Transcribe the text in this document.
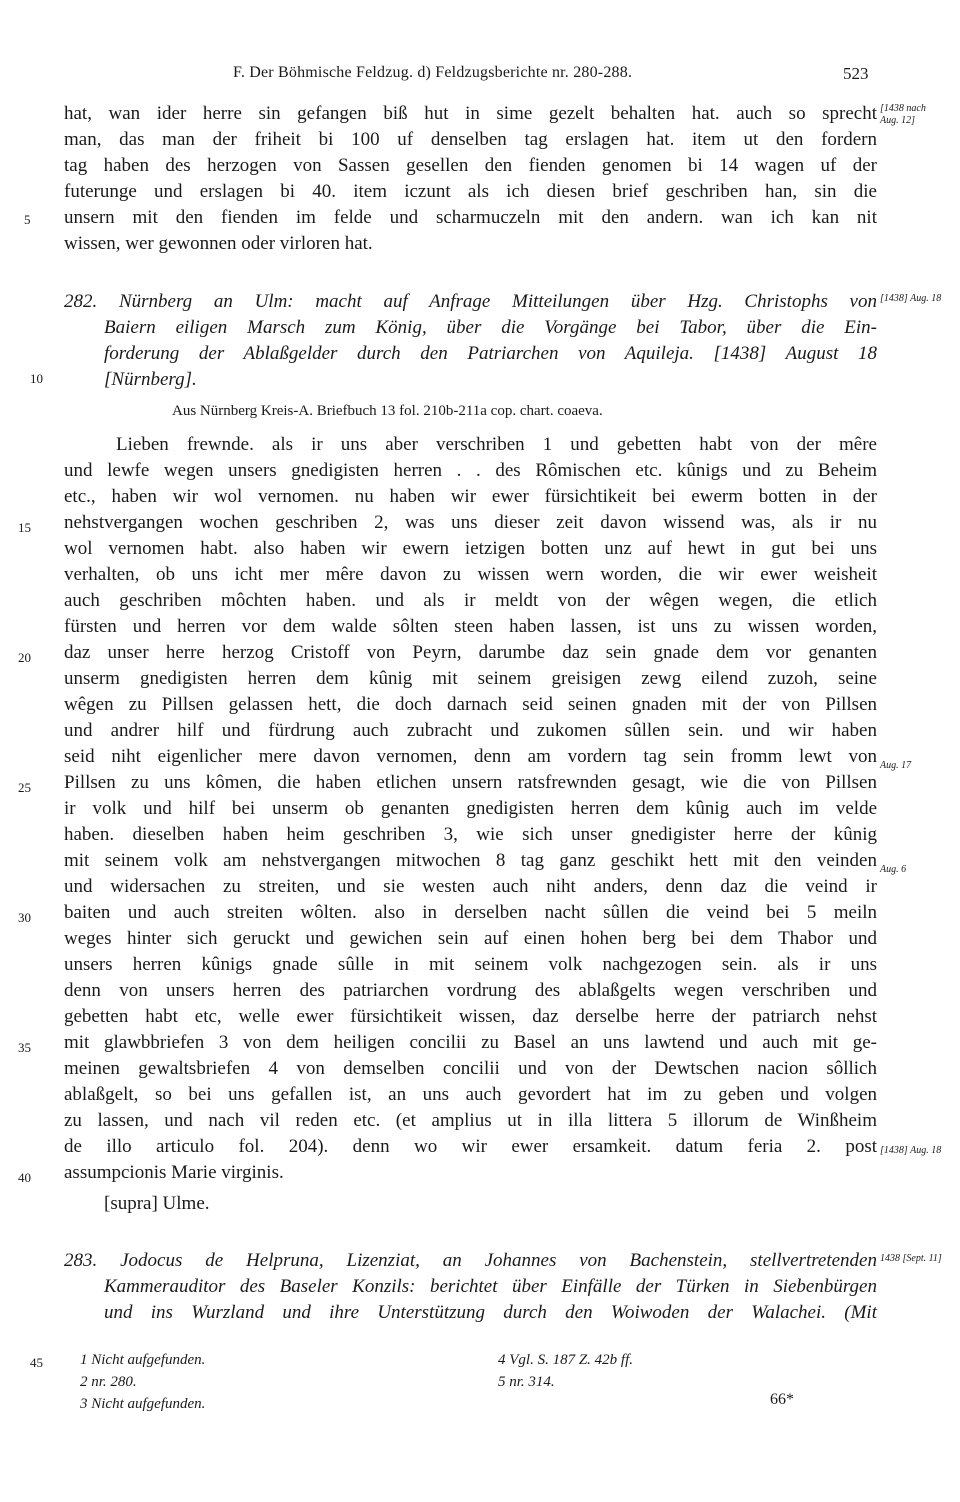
F. Der Böhmische Feldzug. d) Feldzugsberichte nr. 280-288.	523
hat, wan ider herre sin gefangen biß hut in sime gezelt behalten hat. auch so sprecht
man, das man der friheit bi 100 uf denselben tag erslagen hat. item ut den fordern
tag haben des herzogen von Sassen gesellen den fienden genomen bi 14 wagen uf der
futerunge und erslagen bi 40. item iczunt als ich diesen brief geschriben han, sin die
unsern mit den fienden im felde und scharmuczeln mit den andern. wan ich kan nit
wissen, wer gewonnen oder virloren hat.
282. Nürnberg an Ulm: macht auf Anfrage Mitteilungen über Hzg. Christophs von
Baiern eiligen Marsch zum König, über die Vorgänge bei Tabor, über die Ein-
forderung der Ablaßgelder durch den Patriarchen von Aquileja. [1438] August 18
[Nürnberg].
Aus Nürnberg Kreis-A. Briefbuch 13 fol. 210b-211a cop. chart. coaeva.
Lieben frewnde. als ir uns aber verschriben 1 und gebetten habt von der mêre
und lewfe wegen unsers gnedigisten herren . . des Rômischen etc. kûnigs und zu Beheim
etc., haben wir wol vernomen. nu haben wir ewer fürsichtikeit bei ewerm botten in der
nehstvergangen wochen geschriben 2, was uns dieser zeit davon wissend was, als ir nu
wol vernomen habt. also haben wir ewern ietzigen botten unz auf hewt in gut bei uns
verhalten, ob uns icht mer mêre davon zu wissen wern worden, die wir ewer weisheit
auch geschriben môchten haben. und als ir meldt von der wêgen wegen, die etlich
fürsten und herren vor dem walde sôlten steen haben lassen, ist uns zu wissen worden,
daz unser herre herzog Cristoff von Peyrn, darumbe daz sein gnade dem vor genanten
unserm gnedigisten herren dem kûnig mit seinem greisigen zewg eilend zuzoh, seine
wêgen zu Pillsen gelassen hett, die doch darnach seid seinen gnaden mit der von Pillsen
und andrer hilf und fürdrung auch zubracht und zukomen sûllen sein. und wir haben
seid niht eigenlicher mere davon vernomen, denn am vordern tag sein fromm lewt von
Pillsen zu uns kômen, die haben etlichen unsern ratsfrewnden gesagt, wie die von Pillsen
ir volk und hilf bei unserm ob genanten gnedigisten herren dem kûnig auch im velde
haben. dieselben haben heim geschriben 3, wie sich unser gnedigister herre der kûnig
mit seinem volk am nehstvergangen mitwochen 8 tag ganz geschikt hett mit den veinden
und widersachen zu streiten, und sie westen auch niht anders, denn daz die veind ir
baiten und auch streiten wôlten. also in derselben nacht sûllen die veind bei 5 meiln
weges hinter sich geruckt und gewichen sein auf einen hohen berg bei dem Thabor und
unsers herren kûnigs gnade sûlle in mit seinem volk nachgezogen sein. als ir uns
denn von unsers herren des patriarchen vordrung des ablaßgelts wegen verschriben und
gebetten habt etc, welle ewer fürsichtikeit wissen, daz derselbe herre der patriarch nehst
mit glawbbriefen 3 von dem heiligen concilii zu Basel an uns lawtend und auch mit ge-
meinen gewaltsbriefen 4 von demselben concilii und von der Dewtschen nacion sôllich
ablaßgelt, so bei uns gefallen ist, an uns auch gevordert hat im zu geben und volgen
zu lassen, und nach vil reden etc. (et amplius ut in illa littera 5 illorum de Winßheim
de illo articulo fol. 204). denn wo wir ewer ersamkeit. datum feria 2. post
assumpcionis Marie virginis.
[supra] Ulme.
283. Jodocus de Helpruna, Lizenziat, an Johannes von Bachenstein, stellvertretenden
Kammerauditor des Baseler Konzils: berichtet über Einfälle der Türken in Siebenbürgen
und ins Wurzland und ihre Unterstützung durch den Woiwoden der Walachei. (Mit
5
10
15
20
25
30
35
40
45
[1438 nach Aug. 12]
[1438] Aug. 18
Aug. 17
Aug. 6
[1438] Aug. 18
1438 [Sept. 11]
1 Nicht aufgefunden.
2 nr. 280.
3 Nicht aufgefunden.
4 Vgl. S. 187 Z. 42b ff.
5 nr. 314.
66*
